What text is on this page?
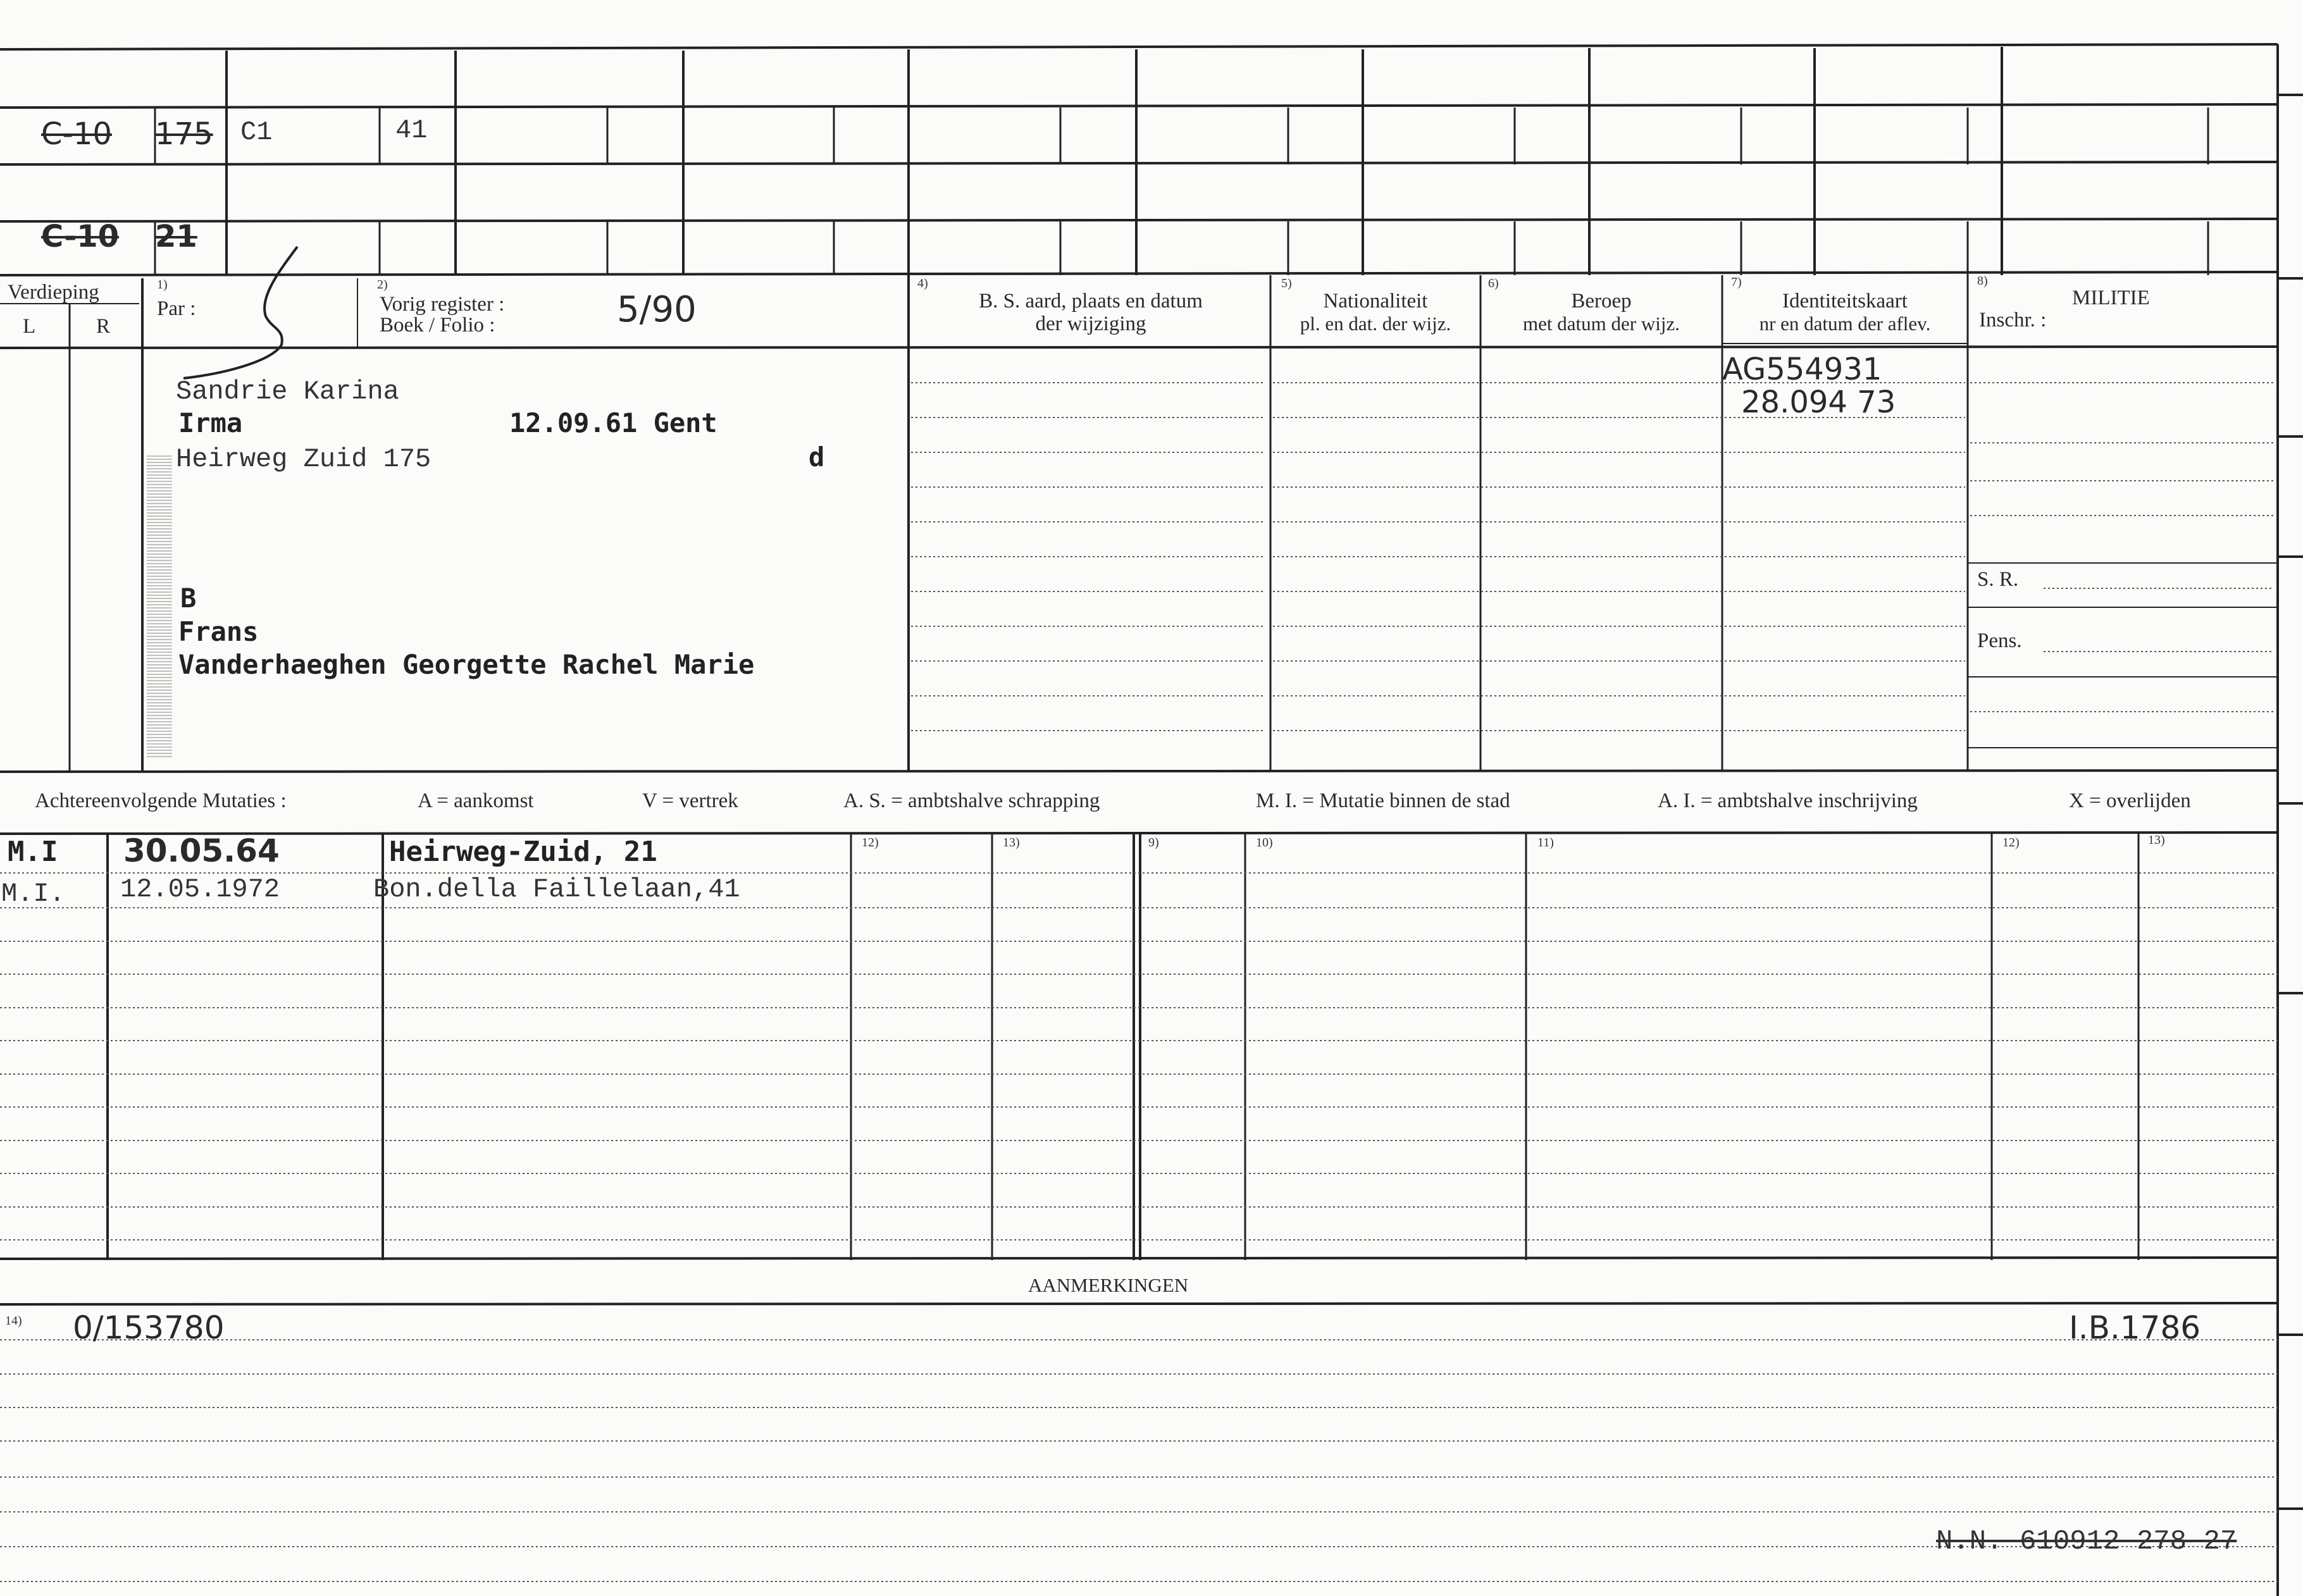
C-10 175 C1	41
C-10 21
Verdieping
L	R
1)
Par :
2)
Vorig register :
Boek / Folio :	5/90
4)
B. S. aard, plaats en datum
der wijziging
5)
Nationaliteit
pl. en dat. der wijz.
6)
Beroep
met datum der wijz.
7)
Identiteitskaart
nr en datum der aflev.
8)
MILITIE
Inschr. :
Sandrie Karina
Irma	12.09.61 Gent
Heirweg Zuid 175	d
B
Frans
Vanderhaeghen Georgette Rachel Marie
AG554931
28.094 73
S. R.
Pens.
Achtereenvolgende Mutaties :	A = aankomst	V = vertrek	A. S. = ambtshalve schrapping	M. I. = Mutatie binnen de stad	A. I. = ambtshalve inschrijving	X = overlijden
12)	13)	9)	10)	11)	12)	13)
M.I 30.05.64	Heirweg-Zuid, 21
M.I. 12.05.1972	Bon.della Faillelaan,41
AANMERKINGEN
14) 0/153780	I.B.1786
N.N. 610912 278 27
